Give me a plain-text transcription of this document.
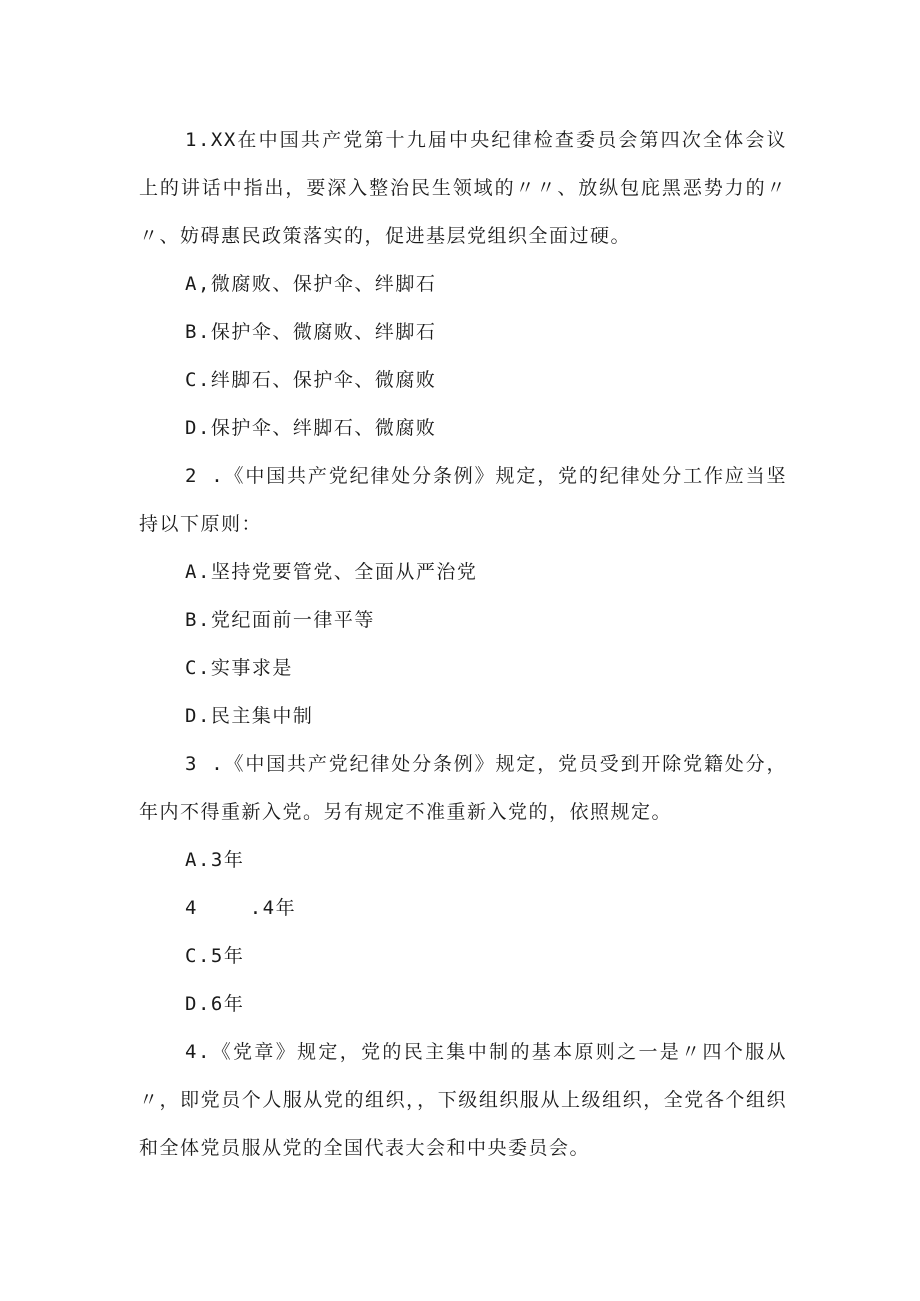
1.XX在中国共产党第十九届中央纪律检查委员会第四次全体会议上的讲话中指出，要深入整治民生领域的〃〃、放纵包庇黑恶势力的〃〃、妨碍惠民政策落实的，促进基层党组织全面过硬。

A,微腐败、保护伞、绊脚石

B.保护伞、微腐败、绊脚石

C.绊脚石、保护伞、微腐败

D.保护伞、绊脚石、微腐败

2 .《中国共产党纪律处分条例》规定，党的纪律处分工作应当坚持以下原则：

A.坚持党要管党、全面从严治党

B.党纪面前一律平等

C.实事求是

D.民主集中制

3 .《中国共产党纪律处分条例》规定，党员受到开除党籍处分，年内不得重新入党。另有规定不准重新入党的，依照规定。

A.3年

4    .4年

C.5年

D.6年

4.《党章》规定，党的民主集中制的基本原则之一是〃四个服从〃，即党员个人服从党的组织，，下级组织服从上级组织，全党各个组织和全体党员服从党的全国代表大会和中央委员会。
